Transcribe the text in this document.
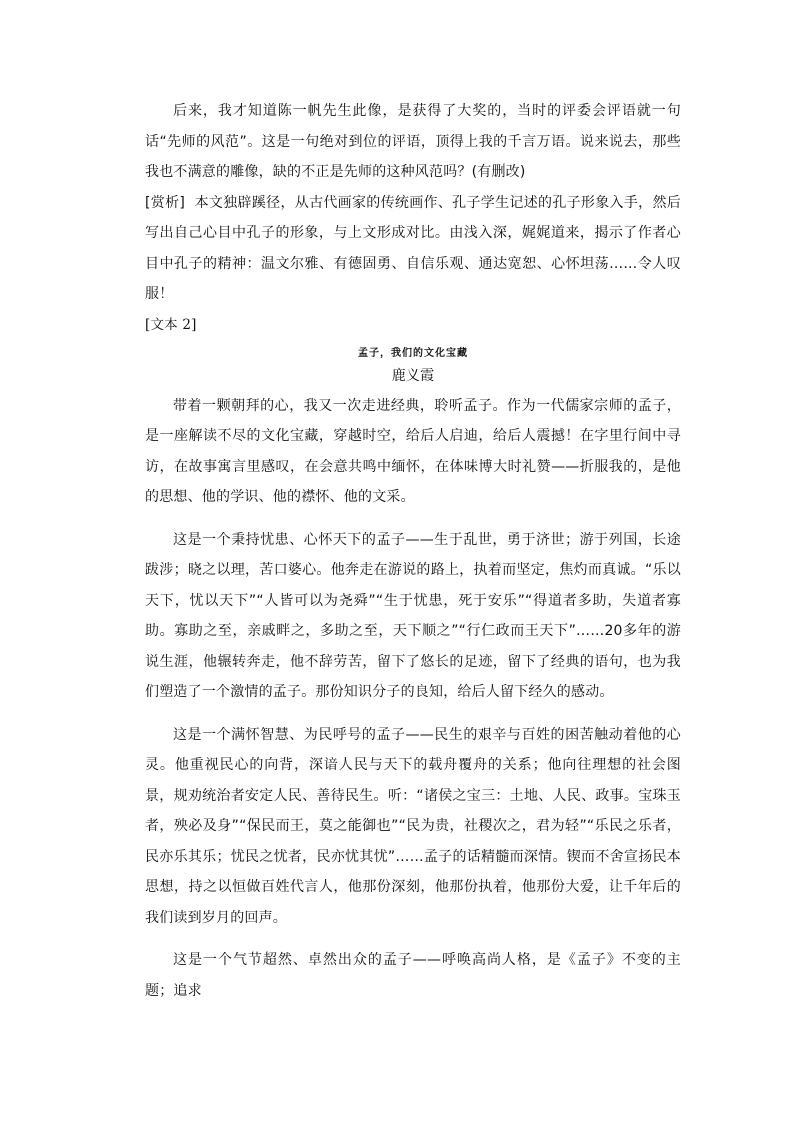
后来，我才知道陈一帆先生此像，是获得了大奖的，当时的评委会评语就一句话“先师的风范”。这是一句绝对到位的评语，顶得上我的千言万语。说来说去，那些我也不满意的雕像，缺的不正是先师的这种风范吗？(有删改)

[赏析] 本文独辟蹊径，从古代画家的传统画作、孔子学生记述的孔子形象入手，然后写出自己心目中孔子的形象，与上文形成对比。由浅入深，娓娓道来，揭示了作者心目中孔子的精神：温文尔雅、有德固勇、自信乐观、通达宽恕、心怀坦荡……令人叹服！

[文本 2]

孟子，我们的文化宝藏

鹿义霞

带着一颗朝拜的心，我又一次走进经典，聆听孟子。作为一代儒家宗师的孟子，是一座解读不尽的文化宝藏，穿越时空，给后人启迪，给后人震撼！在字里行间中寻访，在故事寓言里感叹，在会意共鸣中缅怀，在体味博大时礼赞——折服我的，是他的思想、他的学识、他的襟怀、他的文采。

这是一个秉持忧患、心怀天下的孟子——生于乱世，勇于济世；游于列国，长途跋涉；晓之以理，苦口婆心。他奔走在游说的路上，执着而坚定，焦灼而真诚。“乐以天下，忧以天下”“人皆可以为尧舜”“生于忧患，死于安乐”“得道者多助，失道者寡助。寡助之至，亲戚畔之，多助之至，天下顺之”“行仁政而王天下”……20多年的游说生涯，他辗转奔走，他不辞劳苦，留下了悠长的足迹，留下了经典的语句，也为我们塑造了一个激情的孟子。那份知识分子的良知，给后人留下经久的感动。

这是一个满怀智慧、为民呼号的孟子——民生的艰辛与百姓的困苦触动着他的心灵。他重视民心的向背，深谙人民与天下的载舟覆舟的关系；他向往理想的社会图景，规劝统治者安定人民、善待民生。听：“诸侯之宝三：土地、人民、政事。宝珠玉者，殃必及身”“保民而王，莫之能御也”“民为贵，社稷次之，君为轻”“乐民之乐者，民亦乐其乐；忧民之忧者，民亦忧其忧”……孟子的话精髓而深情。锲而不舍宣扬民本思想，持之以恒做百姓代言人，他那份深刻，他那份执着，他那份大爱，让千年后的我们读到岁月的回声。

这是一个气节超然、卓然出众的孟子——呼唤高尚人格，是《孟子》不变的主题；追求
